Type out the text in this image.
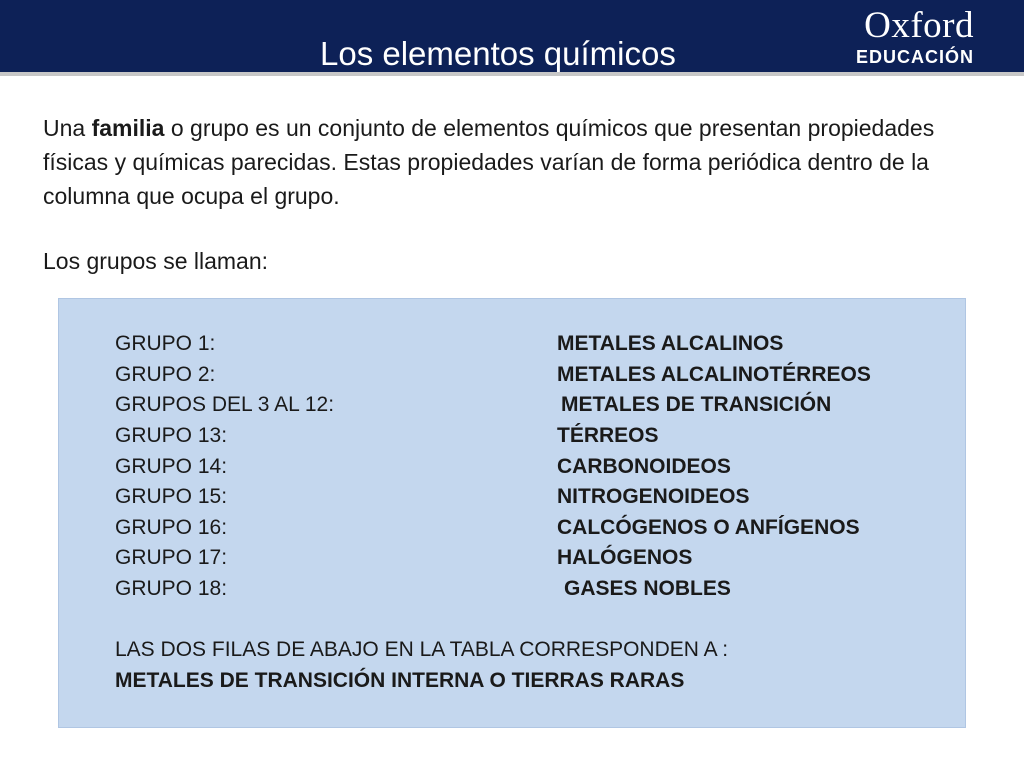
Los elementos químicos
Oxford
EDUCACIÓN
Una familia o grupo es un conjunto de elementos químicos que presentan propiedades físicas y químicas parecidas. Estas propiedades varían de forma periódica dentro de la columna que ocupa el grupo.
Los grupos se llaman:
GRUPO 1:	METALES ALCALINOS
GRUPO 2:	METALES ALCALINOTÉRREOS
GRUPOS DEL 3 AL 12:	METALES DE TRANSICIÓN
GRUPO 13:	TÉRREOS
GRUPO 14:	CARBONOIDEOS
GRUPO 15:	NITROGENOIDEOS
GRUPO 16:	CALCÓGENOS O ANFÍGENOS
GRUPO 17:	HALÓGENOS
GRUPO 18:	GASES NOBLES
LAS DOS FILAS DE ABAJO EN LA TABLA CORRESPONDEN A :
METALES DE TRANSICIÓN INTERNA O TIERRAS RARAS
